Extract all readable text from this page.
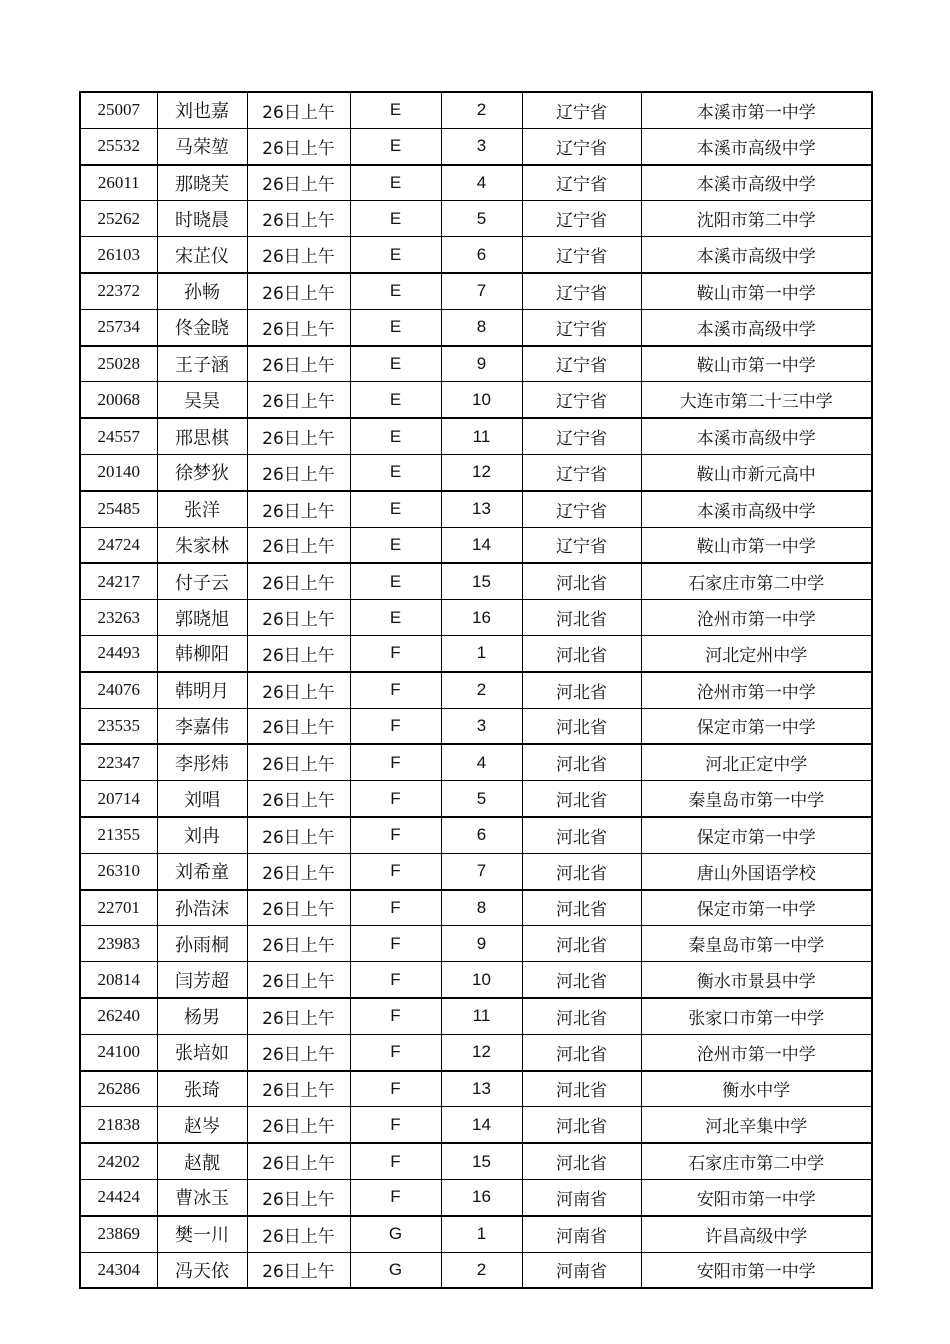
25007	刘也嘉	26日上午	E	2	辽宁省	本溪市第一中学
25532	马荣堃	26日上午	E	3	辽宁省	本溪市高级中学
26011	那晓芙	26日上午	E	4	辽宁省	本溪市高级中学
25262	时晓晨	26日上午	E	5	辽宁省	沈阳市第二中学
26103	宋芷仪	26日上午	E	6	辽宁省	本溪市高级中学
22372	孙畅	26日上午	E	7	辽宁省	鞍山市第一中学
25734	佟金晓	26日上午	E	8	辽宁省	本溪市高级中学
25028	王子涵	26日上午	E	9	辽宁省	鞍山市第一中学
20068	吴昊	26日上午	E	10	辽宁省	大连市第二十三中学
24557	邢思棋	26日上午	E	11	辽宁省	本溪市高级中学
20140	徐梦狄	26日上午	E	12	辽宁省	鞍山市新元高中
25485	张洋	26日上午	E	13	辽宁省	本溪市高级中学
24724	朱家林	26日上午	E	14	辽宁省	鞍山市第一中学
24217	付子云	26日上午	E	15	河北省	石家庄市第二中学
23263	郭晓旭	26日上午	E	16	河北省	沧州市第一中学
24493	韩柳阳	26日上午	F	1	河北省	河北定州中学
24076	韩明月	26日上午	F	2	河北省	沧州市第一中学
23535	李嘉伟	26日上午	F	3	河北省	保定市第一中学
22347	李彤炜	26日上午	F	4	河北省	河北正定中学
20714	刘唱	26日上午	F	5	河北省	秦皇岛市第一中学
21355	刘冉	26日上午	F	6	河北省	保定市第一中学
26310	刘希童	26日上午	F	7	河北省	唐山外国语学校
22701	孙浩沫	26日上午	F	8	河北省	保定市第一中学
23983	孙雨桐	26日上午	F	9	河北省	秦皇岛市第一中学
20814	闫芳超	26日上午	F	10	河北省	衡水市景县中学
26240	杨男	26日上午	F	11	河北省	张家口市第一中学
24100	张培如	26日上午	F	12	河北省	沧州市第一中学
26286	张琦	26日上午	F	13	河北省	衡水中学
21838	赵岑	26日上午	F	14	河北省	河北辛集中学
24202	赵靓	26日上午	F	15	河北省	石家庄市第二中学
24424	曹冰玉	26日上午	F	16	河南省	安阳市第一中学
23869	樊一川	26日上午	G	1	河南省	许昌高级中学
24304	冯天依	26日上午	G	2	河南省	安阳市第一中学
